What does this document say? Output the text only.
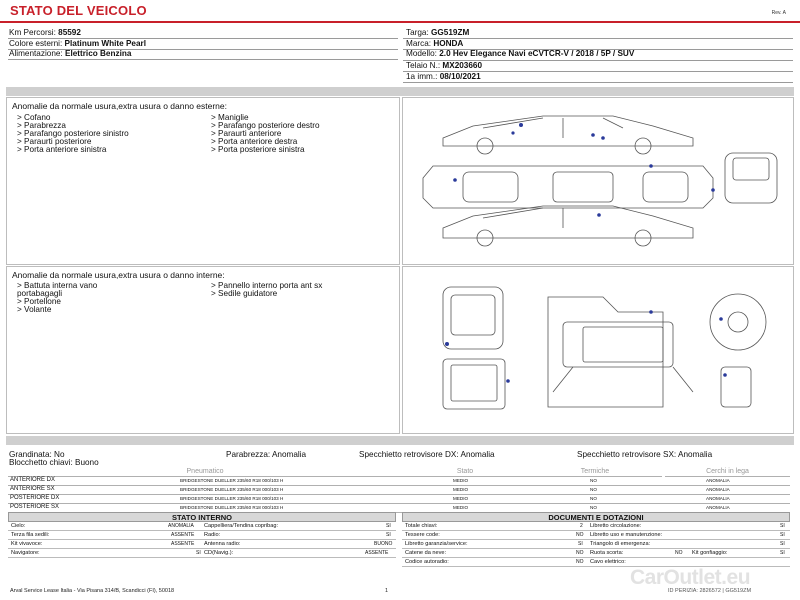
STATO DEL VEICOLO	Rev. A
Km Percorsi: 85592
Colore esterni: Platinum White Pearl
Alimentazione: Elettrico Benzina
Targa: GG519ZM
Marca: HONDA
Modello: 2.0 Hev Elegance Navi eCVTCR-V / 2018 / 5P / SUV
Telaio N.: MX203660
1a imm.: 08/10/2021
Anomalie da normale usura,extra usura o danno esterne:
> Cofano
> Parabrezza
> Parafango posteriore sinistro
> Paraurti posteriore
> Porta anteriore sinistra
> Maniglie
> Parafango posteriore destro
> Paraurti anteriore
> Porta anteriore destra
> Porta posteriore sinistra
Anomalie da normale usura,extra usura o danno interne:
> Battuta interna vano
portabagagli
> Portellone
> Volante
> Pannello interno porta ant sx
> Sedile guidatore
Grandinata: No
Blocchetto chiavi: Buono
Parabrezza: Anomalia	Specchietto retrovisore DX: Anomalia	Specchietto retrovisore SX: Anomalia
Pneumatico	Stato	Termiche	Cerchi in lega
ANTERIORE DX	BRIDGESTONE DUELLER 235/60 R18 000/103 H	MEDIO	NO	ANOMALIA
ANTERIORE SX	BRIDGESTONE DUELLER 235/60 R18 000/103 H	MEDIO	NO	ANOMALIA
POSTERIORE DX	BRIDGESTONE DUELLER 235/60 R18 000/103 H	MEDIO	NO	ANOMALIA
POSTERIORE SX	BRIDGESTONE DUELLER 235/60 R18 000/103 H	MEDIO	NO	ANOMALIA
STATO INTERNO
Cielo:	ANOMALIA Cappelliera/Tendina copribag:	SI
Terza fila sedili:	ASSENTE Radio:	SI
Kit vivavoce:	ASSENTE Antenna radio:	BUONO
Navigatore:	SI CD(Navig.):	ASSENTE
DOCUMENTI E DOTAZIONI
Totale chiavi:	2 Libretto circolazione:	SI
Tessere code:	NO Libretto uso e manutenzione:	SI
Libretto garanzia/service:	SI Triangolo di emergenza:	SI
Catene da neve:	NO Ruota scorta:	NO Kit gonfiaggio:	SI
Codice autoradio:	NO Cavo elettrico:
Arval Service Lease Italia - Via Pisana 314/B, Scandicci (FI), 50018	1	ID PERIZIA: 2826572 | GG519ZM
CarOutlet.eu
